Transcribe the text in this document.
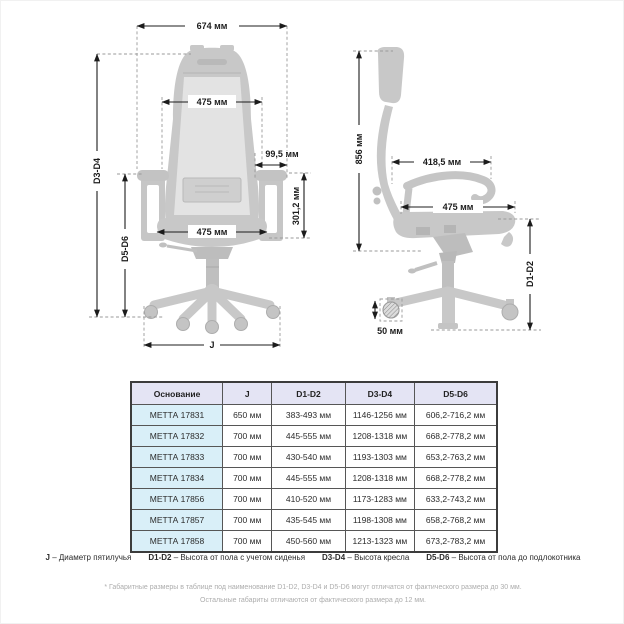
674 мм
475 мм
99,5 мм
475 мм
301,2 мм
D3-D4
D5-D6
J
856 мм	418,5 мм
475 мм
D1-D2
50 мм
Основание	J	D1-D2	D3-D4	D5-D6
МЕТТА 17831	650 мм	383-493 мм	1146-1256 мм	606,2-716,2 мм
МЕТТА 17832	700 мм	445-555 мм	1208-1318 мм	668,2-778,2 мм
МЕТТА 17833	700 мм	430-540 мм	1193-1303 мм	653,2-763,2 мм
МЕТТА 17834	700 мм	445-555 мм	1208-1318 мм	668,2-778,2 мм
МЕТТА 17856	700 мм	410-520 мм	1173-1283 мм	633,2-743,2 мм
МЕТТА 17857	700 мм	435-545 мм	1198-1308 мм	658,2-768,2 мм
МЕТТА 17858	700 мм	450-560 мм	1213-1323 мм	673,2-783,2 мм
J – Диаметр пятилучья D1-D2 – Высота от пола с учетом сиденья D3-D4 – Высота кресла D5-D6 – Высота от пола до подлокотника
* Габаритные размеры в таблице под наименование D1-D2, D3-D4 и D5-D6 могут отличатся от фактического размера до 30 мм.
Остальные габариты отличаются от фактического размера до 12 мм.
